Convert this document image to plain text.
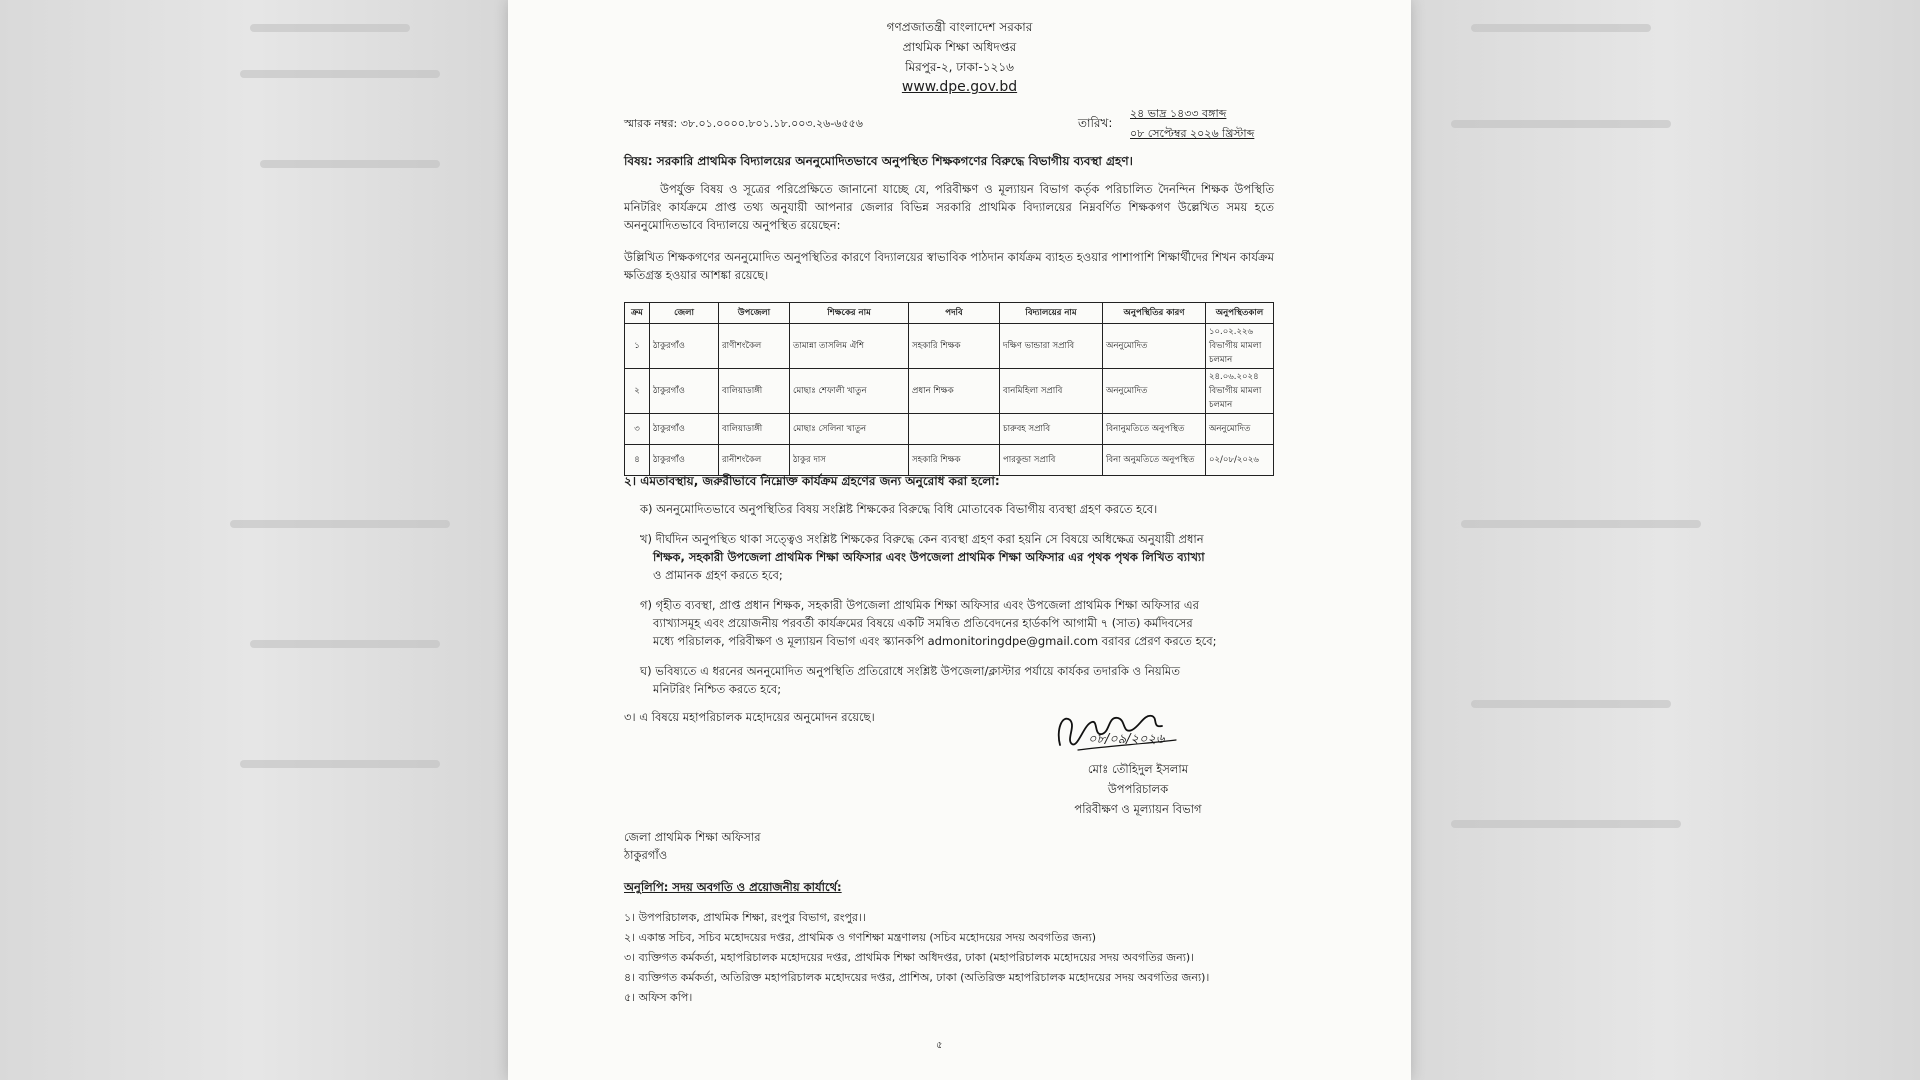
গণপ্রজাতন্ত্রী বাংলাদেশ সরকার
প্রাথমিক শিক্ষা অধিদপ্তর
মিরপুর-২, ঢাকা-১২১৬
www.dpe.gov.bd
স্মারক নম্বর: ৩৮.০১.০০০০.৮০১.১৮.০০৩.২৬-৬৫৫৬	তারিখ:
২৪ ভাদ্র ১৪৩৩ বঙ্গাব্দ
০৮ সেপ্টেম্বর ২০২৬ খ্রিস্টাব্দ
বিষয়: সরকারি প্রাথমিক বিদ্যালয়ের অননুমোদিতভাবে অনুপস্থিত শিক্ষকগণের বিরুদ্ধে বিভাগীয় ব্যবস্থা গ্রহণ।
উপর্যুক্ত বিষয় ও সূত্রের পরিপ্রেক্ষিতে জানানো যাচ্ছে যে, পরিবীক্ষণ ও মূল্যায়ন বিভাগ কর্তৃক পরিচালিত দৈনন্দিন শিক্ষক উপস্থিতি মনিটরিং কার্যক্রমে প্রাপ্ত তথ্য অনুযায়ী আপনার জেলার বিভিন্ন সরকারি প্রাথমিক বিদ্যালয়ের নিম্নবর্ণিত শিক্ষকগণ উল্লেখিত সময় হতে অননুমোদিতভাবে বিদ্যালয়ে অনুপস্থিত রয়েছেন:
উল্লিখিত শিক্ষকগণের অননুমোদিত অনুপস্থিতির কারণে বিদ্যালয়ের স্বাভাবিক পাঠদান কার্যক্রম ব্যাহত হওয়ার পাশাপাশি শিক্ষার্থীদের শিখন কার্যক্রম ক্ষতিগ্রস্ত হওয়ার আশঙ্কা রয়েছে।
ক্রম	জেলা	উপজেলা	শিক্ষকের নাম	পদবি	বিদ্যালয়ের নাম	অনুপস্থিতির কারণ	অনুপস্থিতকাল
১	ঠাকুরগাঁও	রাণীশংকৈল	তামান্না তাসলিম ঐশি	সহকারি শিক্ষক	দক্ষিণ ভান্ডারা সপ্রাবি	অননুমোদিত	১০.০২.২২৬ বিভাগীয় মামলা চলমান
২	ঠাকুরগাঁও	বালিয়াডাঙ্গী	মোছাঃ শেফালী খাতুন	প্রধান শিক্ষক	বানমিহিলা সপ্রাবি	অননুমোদিত	২৪.০৬.২০২৪ বিভাগীয় মামলা চলমান
৩	ঠাকুরগাঁও	বালিয়াডাঙ্গী	মোছাঃ সেলিনা খাতুন		চারুবহ সপ্রাবি	বিনানুমতিতে অনুপস্থিত	অননুমোদিত
৪	ঠাকুরগাঁও	রানীশংকৈল	ঠাকুর দাস	সহকারি শিক্ষক	পারকুন্ডা সপ্রাবি	বিনা অনুমতিতে অনুপস্থিত	০২/০৮/২০২৬
২। এমতাবস্থায়, জরুরীভাবে নিম্নোক্ত কার্যক্রম গ্রহণের জন্য অনুরোধ করা হলো:
ক) অননুমোদিতভাবে অনুপস্থিতির বিষয় সংশ্লিষ্ট শিক্ষকের বিরুদ্ধে বিধি মোতাবেক বিভাগীয় ব্যবস্থা গ্রহণ করতে হবে।
খ) দীর্ঘদিন অনুপস্থিত থাকা সত্ত্বেও সংশ্লিষ্ট শিক্ষকের বিরুদ্ধে কেন ব্যবস্থা গ্রহণ করা হয়নি সে বিষয়ে অধিক্ষেত্র অনুযায়ী প্রধান
শিক্ষক, সহকারী উপজেলা প্রাথমিক শিক্ষা অফিসার এবং উপজেলা প্রাথমিক শিক্ষা অফিসার এর পৃথক পৃথক লিখিত ব্যাখ্যা
ও প্রামানক গ্রহণ করতে হবে;
গ) গৃহীত ব্যবস্থা, প্রাপ্ত প্রধান শিক্ষক, সহকারী উপজেলা প্রাথমিক শিক্ষা অফিসার এবং উপজেলা প্রাথমিক শিক্ষা অফিসার এর
ব্যাখ্যাসমূহ এবং প্রয়োজনীয় পরবর্তী কার্যক্রমের বিষয়ে একটি সমন্বিত প্রতিবেদনের হার্ডকপি আগামী ৭ (সাত) কর্মদিবসের
মধ্যে পরিচালক, পরিবীক্ষণ ও মূল্যায়ন বিভাগ এবং স্ক্যানকপি admonitoringdpe@gmail.com বরাবর প্রেরণ করতে হবে;
ঘ) ভবিষ্যতে এ ধরনের অননুমোদিত অনুপস্থিতি প্রতিরোধে সংশ্লিষ্ট উপজেলা/ক্লাস্টার পর্যায়ে কার্যকর তদারকি ও নিয়মিত
মনিটরিং নিশ্চিত করতে হবে;
৩। এ বিষয়ে মহাপরিচালক মহোদয়ের অনুমোদন রয়েছে।
০৮/০৯/২০২৬
মোঃ তৌহিদুল ইসলাম
উপপরিচালক
পরিবীক্ষণ ও মূল্যায়ন বিভাগ
জেলা প্রাথমিক শিক্ষা অফিসার
ঠাকুরগাঁও
অনুলিপি: সদয় অবগতি ও প্রয়োজনীয় কার্যার্থে:
১। উপপরিচালক, প্রাথমিক শিক্ষা, রংপুর বিভাগ, রংপুর।।
২। একান্ত সচিব, সচিব মহোদয়ের দপ্তর, প্রাথমিক ও গণশিক্ষা মন্ত্রণালয় (সচিব মহোদয়ের সদয় অবগতির জন্য)
৩। ব্যক্তিগত কর্মকর্তা, মহাপরিচালক মহোদয়ের দপ্তর, প্রাথমিক শিক্ষা অধিদপ্তর, ঢাকা (মহাপরিচালক মহোদয়ের সদয় অবগতির জন্য)।
৪। ব্যক্তিগত কর্মকর্তা, অতিরিক্ত মহাপরিচালক মহোদয়ের দপ্তর, প্রাশিঅ, ঢাকা (অতিরিক্ত মহাপরিচালক মহোদয়ের সদয় অবগতির জন্য)।
৫। অফিস কপি।
৫
